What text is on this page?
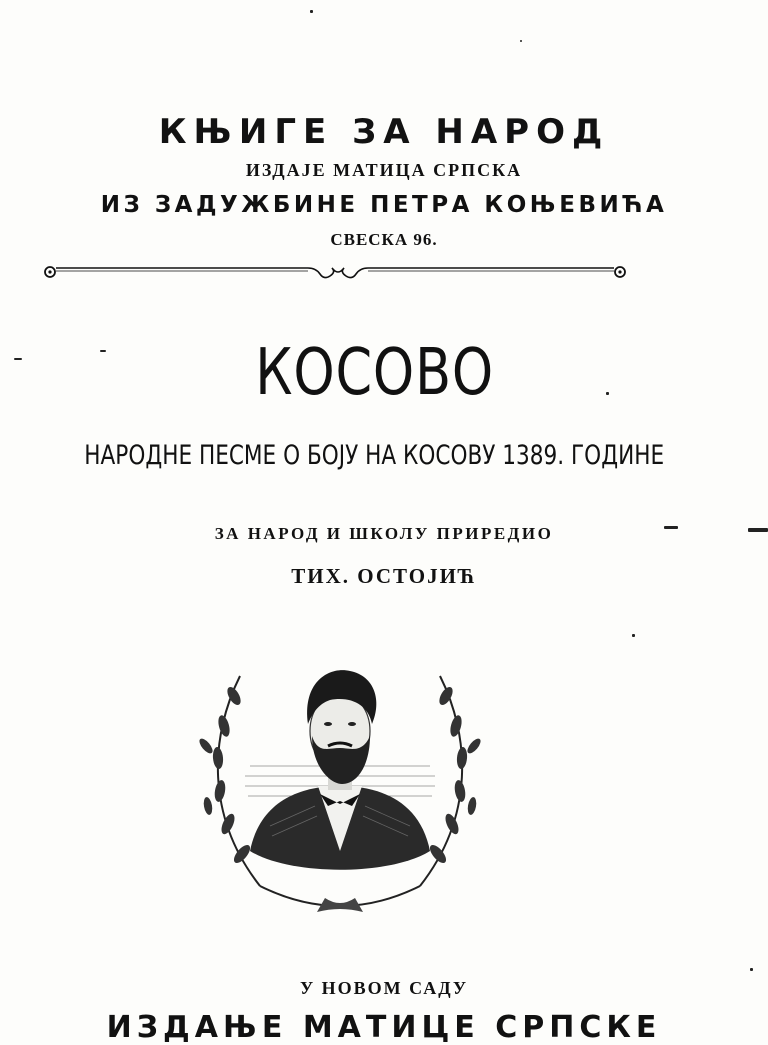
КЊИГЕ ЗА НАРОД
ИЗДАЈЕ МАТИЦА СРПСКА
ИЗ ЗАДУЖБИНЕ ПЕТРА КОЊЕВИЋА
СВЕСКА 96.
КОСОВО
НАРОДНЕ ПЕСМЕ О БОЈУ НА КОСОВУ 1389. ГОДИНЕ
ЗА НАРОД И ШКОЛУ ПРИРЕДИО
ТИХ. ОСТОЈИЋ
У НОВОМ САДУ
ИЗДАЊЕ МАТИЦЕ СРПСКЕ
